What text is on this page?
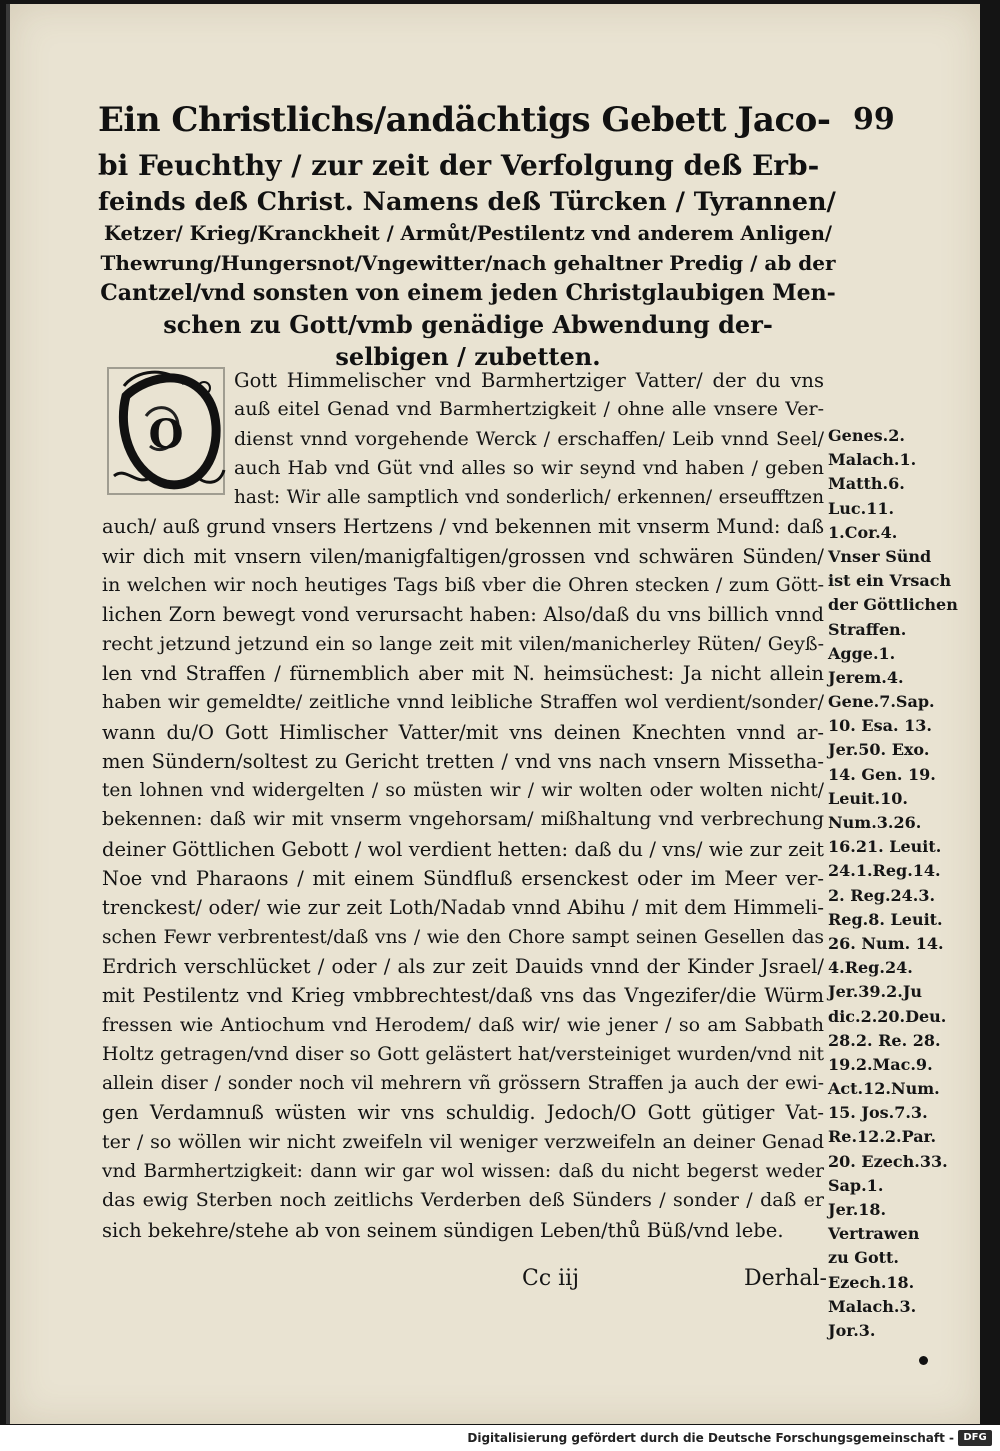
Ein Christlichs/andächtigs Gebett Jaco-
bi Feuchthy / zur zeit der Verfolgung deß Erb-
feinds deß Christ. Namens deß Türcken / Tyrannen/
Ketzer/ Krieg/Kranckheit / Armůt/Pestilentz vnd anderem Anligen/
Thewrung/Hungersnot/Vngewitter/nach gehaltner Predig / ab der
Cantzel/vnd sonsten von einem jeden Christglaubigen Men-
schen zu Gott/vmb genädige Abwendung der-
selbigen / zubetten.
99
O
Gott Himmelischer vnd Barmhertziger Vatter/ der du vns
auß eitel Genad vnd Barmhertzigkeit / ohne alle vnsere Ver-
dienst vnnd vorgehende Werck / erschaffen/ Leib vnnd Seel/
auch Hab vnd Güt vnd alles so wir seynd vnd haben / geben
hast: Wir alle samptlich vnd sonderlich/ erkennen/ erseufftzen
auch/ auß grund vnsers Hertzens / vnd bekennen mit vnserm Mund: daß
wir dich mit vnsern vilen/manigfaltigen/grossen vnd schwären Sünden/
in welchen wir noch heutiges Tags biß vber die Ohren stecken / zum Gött-
lichen Zorn bewegt vond verursacht haben: Also/daß du vns billich vnnd
recht jetzund jetzund ein so lange zeit mit vilen/manicherley Rüten/ Geyß-
len vnd Straffen / fürnemblich aber mit N. heimsüchest: Ja nicht allein
haben wir gemeldte/ zeitliche vnnd leibliche Straffen wol verdient/sonder/
wann du/O Gott Himlischer Vatter/mit vns deinen Knechten vnnd ar-
men Sündern/soltest zu Gericht tretten / vnd vns nach vnsern Missetha-
ten lohnen vnd widergelten / so müsten wir / wir wolten oder wolten nicht/
bekennen: daß wir mit vnserm vngehorsam/ mißhaltung vnd verbrechung
deiner Göttlichen Gebott / wol verdient hetten: daß du / vns/ wie zur zeit
Noe vnd Pharaons / mit einem Sündfluß ersenckest oder im Meer ver-
trenckest/ oder/ wie zur zeit Loth/Nadab vnnd Abihu / mit dem Himmeli-
schen Fewr verbrentest/daß vns / wie den Chore sampt seinen Gesellen das
Erdrich verschlücket / oder / als zur zeit Dauids vnnd der Kinder Jsrael/
mit Pestilentz vnd Krieg vmbbrechtest/daß vns das Vngezifer/die Würm
fressen wie Antiochum vnd Herodem/ daß wir/ wie jener / so am Sabbath
Holtz getragen/vnd diser so Gott gelästert hat/versteiniget wurden/vnd nit
allein diser / sonder noch vil mehrern vñ grössern Straffen ja auch der ewi-
gen Verdamnuß wüsten wir vns schuldig. Jedoch/O Gott gütiger Vat-
ter / so wöllen wir nicht zweifeln vil weniger verzweifeln an deiner Genad
vnd Barmhertzigkeit: dann wir gar wol wissen: daß du nicht begerst weder
das ewig Sterben noch zeitlichs Verderben deß Sünders / sonder / daß er
sich bekehre/stehe ab von seinem sündigen Leben/thů Büß/vnd lebe.
Genes.2.
Malach.1.
Matth.6.
Luc.11.
1.Cor.4.
Vnser Sünd
ist ein Vrsach
der Göttlichen
Straffen.
Agge.1.
Jerem.4.
Gene.7.Sap.
10. Esa. 13.
Jer.50. Exo.
14. Gen. 19.
Leuit.10.
Num.3.26.
16.21. Leuit.
24.1.Reg.14.
2. Reg.24.3.
Reg.8. Leuit.
26. Num. 14.
4.Reg.24.
Jer.39.2.Ju
dic.2.20.Deu.
28.2. Re. 28.
19.2.Mac.9.
Act.12.Num.
15. Jos.7.3.
Re.12.2.Par.
20. Ezech.33.
Sap.1.
Jer.18.
Vertrawen
zu Gott.
Ezech.18.
Malach.3.
Jor.3.
Cc iij	Derhal-
Digitalisierung gefördert durch die Deutsche Forschungsgemeinschaft - DFG
